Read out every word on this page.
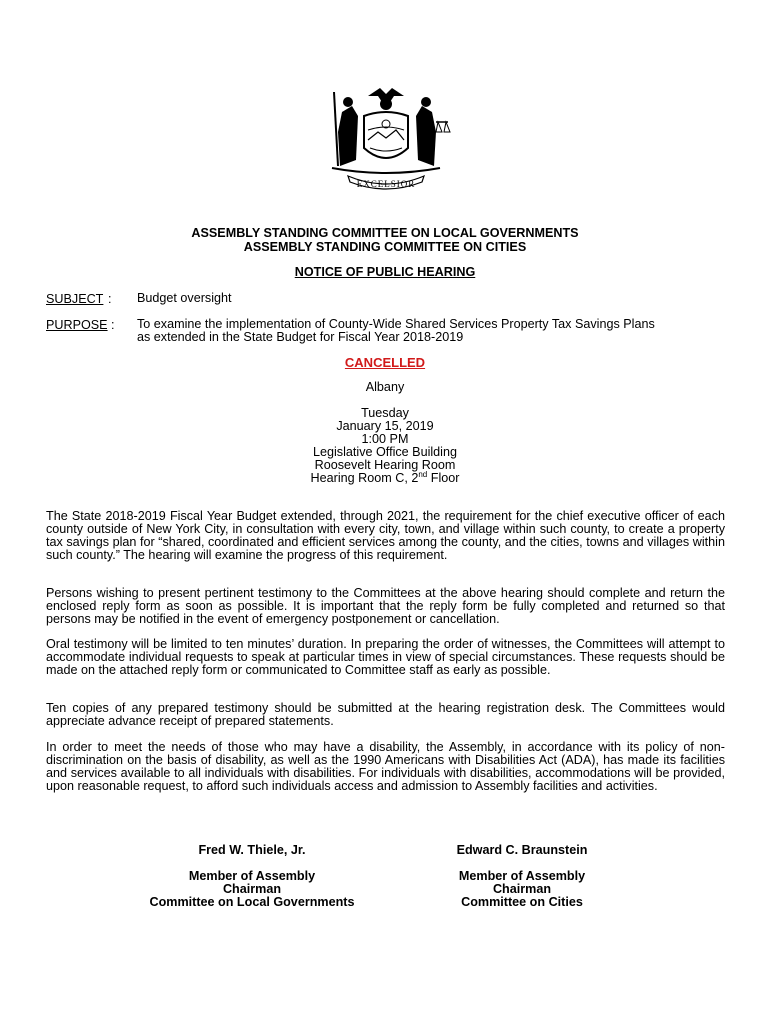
EXCELSIOR
ASSEMBLY STANDING COMMITTEE ON LOCAL GOVERNMENTS
ASSEMBLY STANDING COMMITTEE ON CITIES
NOTICE OF PUBLIC HEARING
SUBJECT : Budget oversight
PURPOSE : To examine the implementation of County-Wide Shared Services Property Tax Savings Plans
as extended in the State Budget for Fiscal Year 2018-2019
CANCELLED
Albany
Tuesday
January 15, 2019
1:00 PM
Legislative Office Building
Roosevelt Hearing Room
Hearing Room C, 2nd Floor
The State 2018-2019 Fiscal Year Budget extended, through 2021, the requirement for the chief executive officer of each county outside of New York City, in consultation with every city, town, and village within such county, to create a property tax savings plan for “shared, coordinated and efficient services among the county, and the cities, towns and villages within such county.” The hearing will examine the progress of this requirement.
Persons wishing to present pertinent testimony to the Committees at the above hearing should complete and return the enclosed reply form as soon as possible. It is important that the reply form be fully completed and returned so that persons may be notified in the event of emergency postponement or cancellation.
Oral testimony will be limited to ten minutes’ duration. In preparing the order of witnesses, the Committees will attempt to accommodate individual requests to speak at particular times in view of special circumstances. These requests should be made on the attached reply form or communicated to Committee staff as early as possible.
Ten copies of any prepared testimony should be submitted at the hearing registration desk. The Committees would appreciate advance receipt of prepared statements.
In order to meet the needs of those who may have a disability, the Assembly, in accordance with its policy of non-discrimination on the basis of disability, as well as the 1990 Americans with Disabilities Act (ADA), has made its facilities and services available to all individuals with disabilities. For individuals with disabilities, accommodations will be provided, upon reasonable request, to afford such individuals access and admission to Assembly facilities and activities.
Fred W. Thiele, Jr.
Member of Assembly
Chairman
Committee on Local Governments
Edward C. Braunstein
Member of Assembly
Chairman
Committee on Cities
